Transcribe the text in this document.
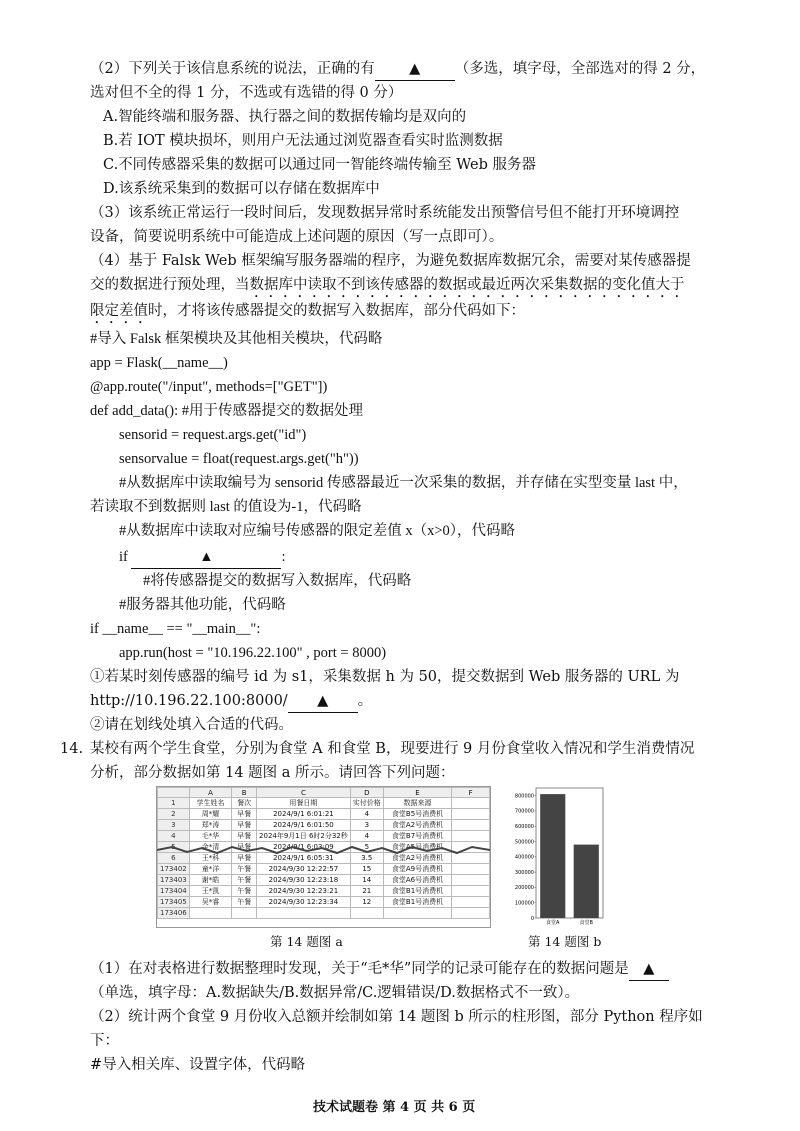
（2）下列关于该信息系统的说法，正确的有 ▲ （多选，填字母，全部选对的得 2 分，
选对但不全的得 1 分，不选或有选错的得 0 分）
A.智能终端和服务器、执行器之间的数据传输均是双向的
B.若 IOT 模块损坏，则用户无法通过浏览器查看实时监测数据
C.不同传感器采集的数据可以通过同一智能终端传输至 Web 服务器
D.该系统采集到的数据可以存储在数据库中
（3）该系统正常运行一段时间后，发现数据异常时系统能发出预警信号但不能打开环境调控
设备，简要说明系统中可能造成上述问题的原因（写一点即可）。
（4）基于 Falsk Web 框架编写服务器端的程序，为避免数据库数据冗余，需要对某传感器提
交的数据进行预处理，当数据库中读取不到该传感器的数据或最近两次采集数据的变化值大于
限定差值时，才将该传感器提交的数据写入数据库，部分代码如下：
#导入 Falsk 框架模块及其他相关模块，代码略
app = Flask(__name__)
@app.route("/input", methods=["GET"])
def add_data(): #用于传感器提交的数据处理
sensorid = request.args.get("id")
sensorvalue = float(request.args.get("h"))
#从数据库中读取编号为 sensorid 传感器最近一次采集的数据，并存储在实型变量 last 中，
若读取不到数据则 last 的值设为-1，代码略
#从数据库中读取对应编号传感器的限定差值 x（x>0），代码略
if	▲	:
#将传感器提交的数据写入数据库，代码略
#服务器其他功能，代码略
if __name__ == "__main__":
app.run(host = "10.196.22.100" , port = 8000)
①若某时刻传感器的编号 id 为 s1，采集数据 h 为 50，提交数据到 Web 服务器的 URL 为
http://10.196.22.100:8000/ ▲ 。
②请在划线处填入合适的代码。
14. 某校有两个学生食堂，分别为食堂 A 和食堂 B，现要进行 9 月份食堂收入情况和学生消费情况
分析，部分数据如第 14 题图 a 所示。请回答下列问题：
	A	B	C	D	E	F
1	学生姓名	餐次	用餐日期	实付价格	数据来源	
2	周*耀	早餐	2024/9/1 6:01:21	4	食堂B5号消费机	
3	郑*涛	早餐	2024/9/1 6:01:50	3	食堂A2号消费机	
4	毛*华	早餐	2024年9月1日 6时2分32秒	4	食堂B7号消费机	
5	金*清	早餐	2024/9/1 6:03:09	5	食堂A5号消费机	
6	王*科	早餐	2024/9/1 6:05:31	3.5	食堂A2号消费机	
173402	童*洋	午餐	2024/9/30 12:22:57	15	食堂A9号消费机	
173403	谢*皓	午餐	2024/9/30 12:23:18	14	食堂A6号消费机	
173404	王*凯	午餐	2024/9/30 12:23:21	21	食堂B1号消费机	
173405	吴*睿	午餐	2024/9/30 12:23:34	12	食堂B1号消费机	
173406						
第 14 题图 a
0
100000
200000
300000
400000
500000
600000
700000
800000
食堂A	食堂B
第 14 题图 b
（1）在对表格进行数据整理时发现，关于“毛*华”同学的记录可能存在的数据问题是 ▲
（单选，填字母：A.数据缺失/B.数据异常/C.逻辑错误/D.数据格式不一致）。
（2）统计两个食堂 9 月份收入总额并绘制如第 14 题图 b 所示的柱形图，部分 Python 程序如
下：
#导入相关库、设置字体，代码略
技术试题卷 第 4 页 共 6 页
